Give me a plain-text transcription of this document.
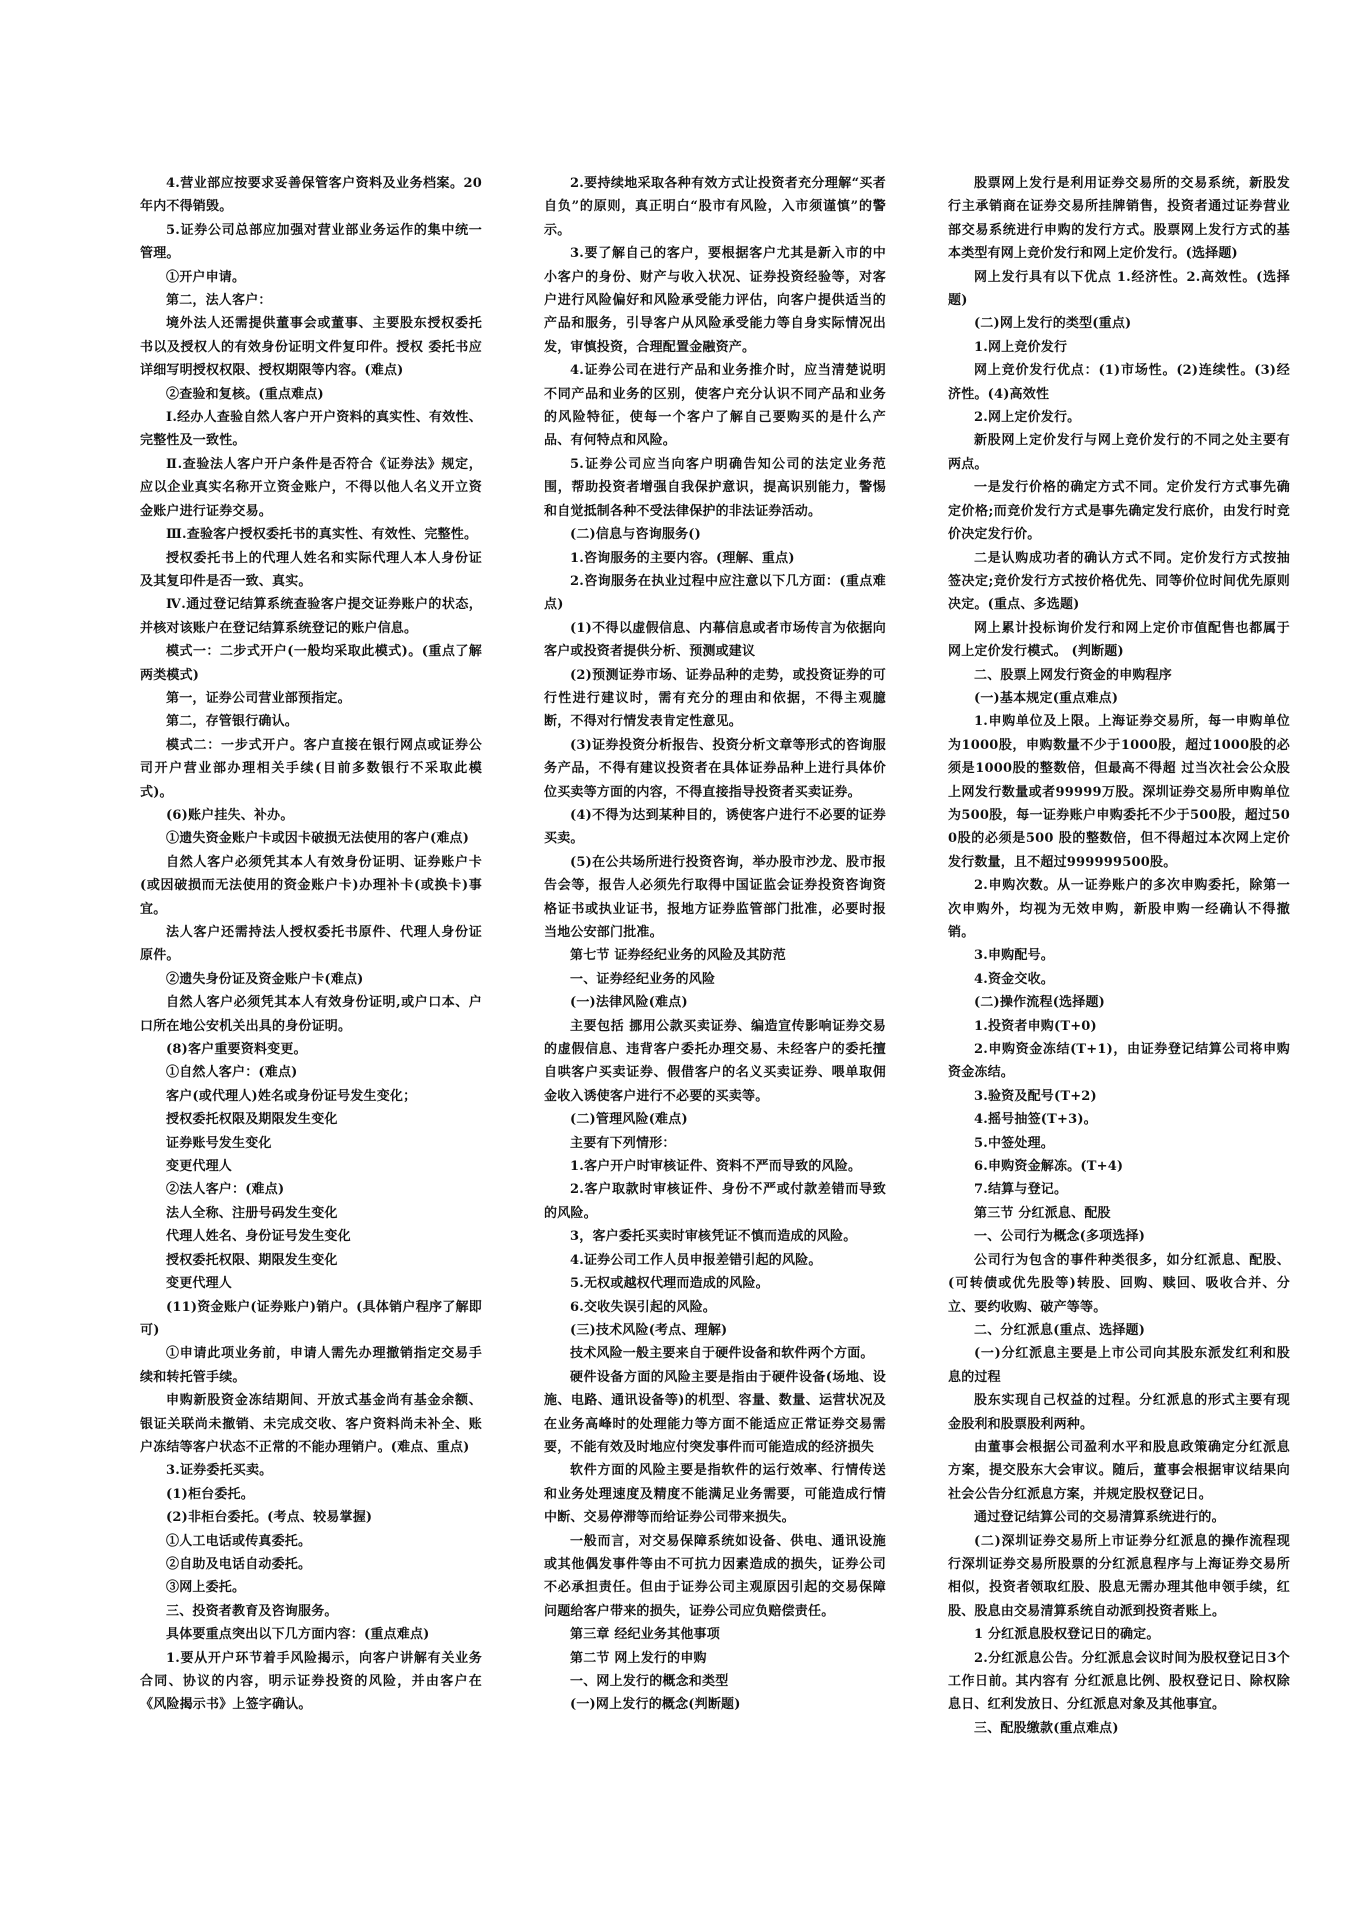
4.营业部应按要求妥善保管客户资料及业务档案。20年内不得销毁。

5.证券公司总部应加强对营业部业务运作的集中统一管理。

①开户申请。

第二，法人客户：

境外法人还需提供董事会或董事、主要股东授权委托书以及授权人的有效身份证明文件复印件。授权 委托书应详细写明授权权限、授权期限等内容。(难点)

②查验和复核。(重点难点)

Ⅰ.经办人查验自然人客户开户资料的真实性、有效性、完整性及一致性。

Ⅱ.查验法人客户开户条件是否符合《证券法》规定，应以企业真实名称开立资金账户，不得以他人名义开立资金账户进行证券交易。

Ⅲ.查验客户授权委托书的真实性、有效性、完整性。

授权委托书上的代理人姓名和实际代理人本人身份证及其复印件是否一致、真实。

Ⅳ.通过登记结算系统查验客户提交证券账户的状态，并核对该账户在登记结算系统登记的账户信息。

模式一：二步式开户(一般均采取此模式)。(重点了解两类模式)

第一，证券公司营业部预指定。

第二，存管银行确认。

模式二：一步式开户。客户直接在银行网点或证券公司开户营业部办理相关手续(目前多数银行不采取此模式)。

(6)账户挂失、补办。

①遗失资金账户卡或因卡破损无法使用的客户(难点)

自然人客户必须凭其本人有效身份证明、证券账户卡(或因破损而无法使用的资金账户卡)办理补卡(或换卡)事宜。

法人客户还需持法人授权委托书原件、代理人身份证原件。

②遗失身份证及资金账户卡(难点)

自然人客户必须凭其本人有效身份证明,或户口本、户口所在地公安机关出具的身份证明。

(8)客户重要资料变更。

①自然人客户：(难点)

客户(或代理人)姓名或身份证号发生变化；

授权委托权限及期限发生变化

证券账号发生变化

变更代理人

②法人客户：(难点)

法人全称、注册号码发生变化

代理人姓名、身份证号发生变化

授权委托权限、期限发生变化

变更代理人

(11)资金账户(证券账户)销户。(具体销户程序了解即可)

①申请此项业务前，申请人需先办理撤销指定交易手续和转托管手续。

申购新股资金冻结期间、开放式基金尚有基金余额、银证关联尚未撤销、未完成交收、客户资料尚未补全、账户冻结等客户状态不正常的不能办理销户。(难点、重点)

3.证券委托买卖。

(1)柜台委托。

(2)非柜台委托。(考点、较易掌握)

①人工电话或传真委托。

②自助及电话自动委托。

③网上委托。

三、投资者教育及咨询服务。

具体要重点突出以下几方面内容：(重点难点)

1.要从开户环节着手风险揭示，向客户讲解有关业务合同、协议的内容，明示证券投资的风险，并由客户在《风险揭示书》上签字确认。

2.要持续地采取各种有效方式让投资者充分理解“买者自负”的原则，真正明白“股市有风险，入市须谨慎”的警示。

3.要了解自己的客户，要根据客户尤其是新入市的中小客户的身份、财产与收入状况、证券投资经验等，对客户进行风险偏好和风险承受能力评估，向客户提供适当的产品和服务，引导客户从风险承受能力等自身实际情况出发，审慎投资，合理配置金融资产。

4.证券公司在进行产品和业务推介时，应当清楚说明不同产品和业务的区别，使客户充分认识不同产品和业务的风险特征，使每一个客户了解自己要购买的是什么产品、有何特点和风险。

5.证券公司应当向客户明确告知公司的法定业务范围，帮助投资者增强自我保护意识，提高识别能力，警惕和自觉抵制各种不受法律保护的非法证券活动。

(二)信息与咨询服务()

1.咨询服务的主要内容。(理解、重点)

2.咨询服务在执业过程中应注意以下几方面：(重点难点)

(1)不得以虚假信息、内幕信息或者市场传言为依据向客户或投资者提供分析、预测或建议

(2)预测证券市场、证券品种的走势，或投资证券的可行性进行建议时，需有充分的理由和依据，不得主观臆断，不得对行情发表肯定性意见。

(3)证券投资分析报告、投资分析文章等形式的咨询服务产品，不得有建议投资者在具体证券品种上进行具体价位买卖等方面的内容，不得直接指导投资者买卖证券。

(4)不得为达到某种目的，诱使客户进行不必要的证券买卖。

(5)在公共场所进行投资咨询，举办股市沙龙、股市报告会等，报告人必须先行取得中国证监会证券投资咨询资格证书或执业证书，报地方证券监管部门批准，必要时报当地公安部门批准。

第七节 证券经纪业务的风险及其防范

一、证券经纪业务的风险

(一)法律风险(难点)

主要包括 挪用公款买卖证券、编造宣传影响证券交易的虚假信息、违背客户委托办理交易、未经客户的委托擅自哄客户买卖证券、假借客户的名义买卖证券、喂单取佣金收入诱使客户进行不必要的买卖等。

(二)管理风险(难点)

主要有下列情形：

1.客户开户时审核证件、资料不严而导致的风险。

2.客户取款时审核证件、身份不严或付款差错而导致的风险。

3，客户委托买卖时审核凭证不慎而造成的风险。

4.证券公司工作人员申报差错引起的风险。

5.无权或越权代理而造成的风险。

6.交收失误引起的风险。

(三)技术风险(考点、理解)

技术风险一般主要来自于硬件设备和软件两个方面。

硬件设备方面的风险主要是指由于硬件设备(场地、设施、电路、通讯设备等)的机型、容量、数量、运营状况及在业务高峰时的处理能力等方面不能适应正常证券交易需要，不能有效及时地应付突发事件而可能造成的经济损失

软件方面的风险主要是指软件的运行效率、行情传送和业务处理速度及精度不能满足业务需要，可能造成行情中断、交易停滞等而给证券公司带来损失。

一般而言，对交易保障系统如设备、供电、通讯设施或其他偶发事件等由不可抗力因素造成的损失，证券公司不必承担责任。但由于证券公司主观原因引起的交易保障问题给客户带来的损失，证券公司应负赔偿责任。

第三章 经纪业务其他事项

第二节 网上发行的申购

一、网上发行的概念和类型

(一)网上发行的概念(判断题)

股票网上发行是利用证券交易所的交易系统，新股发行主承销商在证券交易所挂牌销售，投资者通过证券营业部交易系统进行申购的发行方式。股票网上发行方式的基本类型有网上竞价发行和网上定价发行。(选择题)

网上发行具有以下优点 1.经济性。2.高效性。(选择题)

(二)网上发行的类型(重点)

1.网上竞价发行

网上竞价发行优点：(1)市场性。(2)连续性。(3)经济性。(4)高效性

2.网上定价发行。

新股网上定价发行与网上竞价发行的不同之处主要有两点。

一是发行价格的确定方式不同。定价发行方式事先确定价格;而竞价发行方式是事先确定发行底价，由发行时竞价决定发行价。

二是认购成功者的确认方式不同。定价发行方式按抽签决定;竞价发行方式按价格优先、同等价位时间优先原则决定。(重点、多选题)

网上累计投标询价发行和网上定价市值配售也都属于网上定价发行模式。 (判断题)

二、股票上网发行资金的申购程序

(一)基本规定(重点难点)

1.申购单位及上限。上海证券交易所，每一申购单位为1000股，申购数量不少于1000股，超过1000股的必须是1000股的整数倍，但最高不得超 过当次社会公众股上网发行数量或者99999万股。深圳证券交易所申购单位为500股，每一证券账户申购委托不少于500股，超过500股的必须是500 股的整数倍，但不得超过本次网上定价发行数量，且不超过999999500股。

2.申购次数。从一证券账户的多次申购委托，除第一次申购外，均视为无效申购，新股申购一经确认不得撤销。

3.申购配号。

4.资金交收。

(二)操作流程(选择题)

1.投资者申购(T+0)

2.申购资金冻结(T+1)，由证券登记结算公司将申购资金冻结。

3.验资及配号(T+2)

4.摇号抽签(T+3)。

5.中签处理。

6.申购资金解冻。(T+4)

7.结算与登记。

第三节 分红派息、配股

一、公司行为概念(多项选择)

公司行为包含的事件种类很多，如分红派息、配股、(可转债或优先股等)转股、回购、赎回、吸收合并、分立、要约收购、破产等等。

二、分红派息(重点、选择题)

(一)分红派息主要是上市公司向其股东派发红利和股息的过程

股东实现自己权益的过程。分红派息的形式主要有现金股利和股票股利两种。

由董事会根据公司盈利水平和股息政策确定分红派息方案，提交股东大会审议。随后，董事会根据审议结果向社会公告分红派息方案，并规定股权登记日。

通过登记结算公司的交易清算系统进行的。

(二)深圳证券交易所上市证券分红派息的操作流程现行深圳证券交易所股票的分红派息程序与上海证券交易所相似，投资者领取红股、股息无需办理其他申领手续，红股、股息由交易清算系统自动派到投资者账上。

1 分红派息股权登记日的确定。

2.分红派息公告。分红派息会议时间为股权登记日3个工作日前。其内容有 分红派息比例、股权登记日、除权除息日、红利发放日、分红派息对象及其他事宜。

三、配股缴款(重点难点)
